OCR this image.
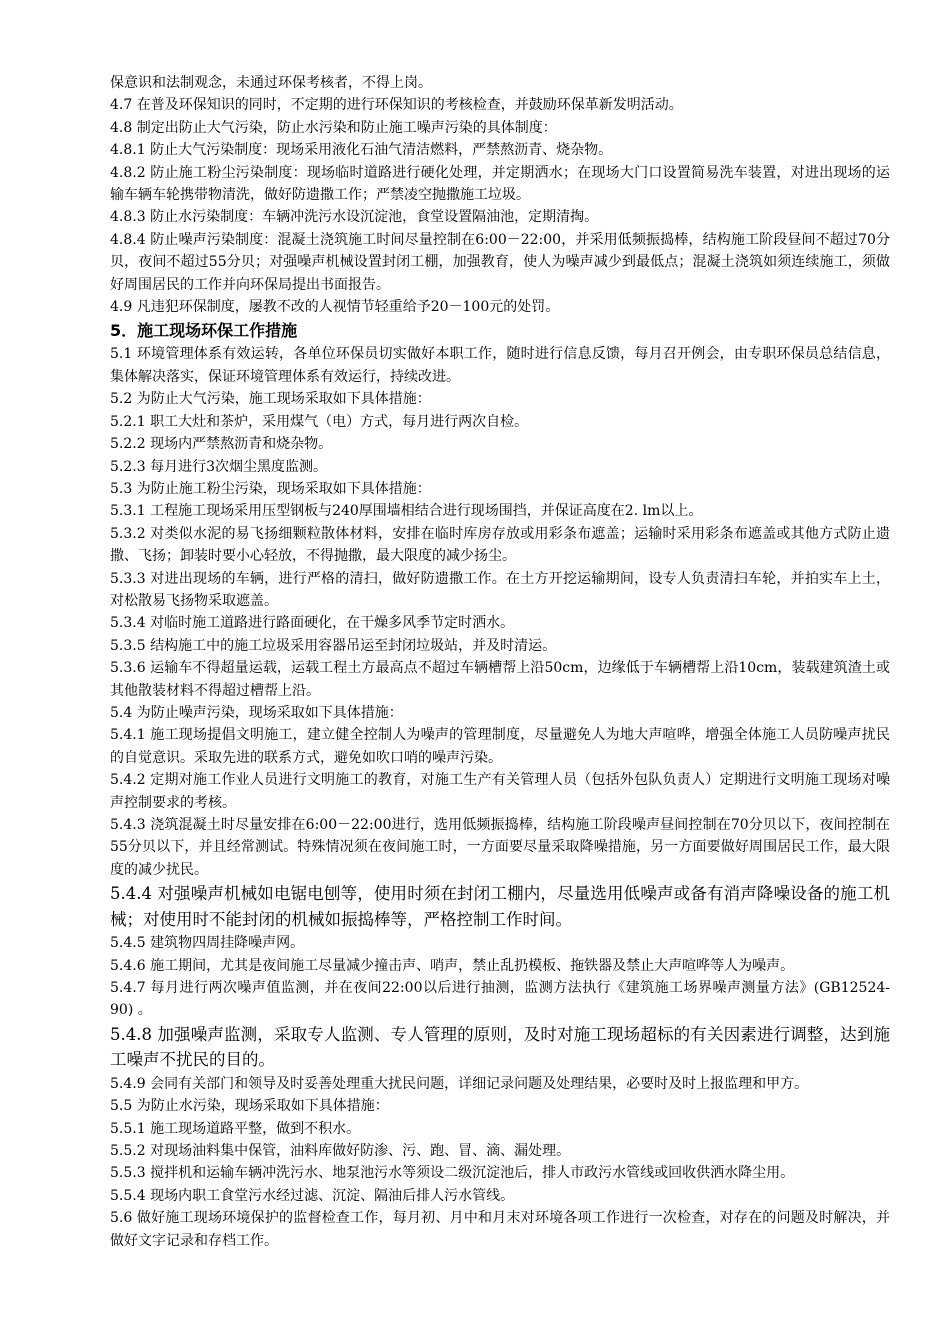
保意识和法制观念，未通过环保考核者，不得上岗。

4.7 在普及环保知识的同时，不定期的进行环保知识的考核检查，并鼓励环保革新发明活动。

4.8 制定出防止大气污染，防止水污染和防止施工噪声污染的具体制度：

4.8.1 防止大气污染制度：现场采用液化石油气清洁燃料，严禁熬沥青、烧杂物。

4.8.2 防止施工粉尘污染制度：现场临时道路进行硬化处理，并定期洒水；在现场大门口设置简易洗车装置，对进出现场的运输车辆车轮携带物清洗，做好防遗撒工作；严禁凌空抛撒施工垃圾。

4.8.3 防止水污染制度：车辆冲洗污水设沉淀池，食堂设置隔油池，定期清掏。

4.8.4 防止噪声污染制度：混凝土浇筑施工时间尽量控制在6:00－22:00，并采用低频振捣棒，结构施工阶段昼间不超过70分贝，夜间不超过55分贝；对强噪声机械设置封闭工棚，加强教育，使人为噪声减少到最低点；混凝土浇筑如须连续施工，须做好周围居民的工作并向环保局提出书面报告。

4.9 凡违犯环保制度，屡教不改的人视情节轻重给予20－100元的处罚。

5．施工现场环保工作措施

5.1 环境管理体系有效运转，各单位环保员切实做好本职工作，随时进行信息反馈，每月召开例会，由专职环保员总结信息，集体解决落实，保证环境管理体系有效运行，持续改进。

5.2 为防止大气污染，施工现场采取如下具体措施：

5.2.1 职工大灶和茶炉，采用煤气（电）方式，每月进行两次自检。

5.2.2 现场内严禁熬沥青和烧杂物。

5.2.3 每月进行3次烟尘黑度监测。

5.3 为防止施工粉尘污染，现场采取如下具体措施：

5.3.1 工程施工现场采用压型钢板与240厚围墙相结合进行现场围挡，并保证高度在2. lm以上。

5.3.2 对类似水泥的易飞扬细颗粒散体材料，安排在临时库房存放或用彩条布遮盖；运输时采用彩条布遮盖或其他方式防止遗撒、飞扬；卸装时要小心轻放，不得抛撒，最大限度的减少扬尘。

5.3.3 对进出现场的车辆，进行严格的清扫，做好防遗撒工作。在土方开挖运输期间，设专人负责清扫车轮，并拍实车上土，对松散易飞扬物采取遮盖。

5.3.4 对临时施工道路进行路面硬化，在干燥多风季节定时洒水。

5.3.5 结构施工中的施工垃圾采用容器吊运至封闭垃圾站，并及时清运。

5.3.6 运输车不得超量运载，运载工程土方最高点不超过车辆槽帮上沿50cm，边缘低于车辆槽帮上沿10cm，装载建筑渣土或其他散装材料不得超过槽帮上沿。

5.4 为防止噪声污染，现场采取如下具体措施：

5.4.1 施工现场提倡文明施工，建立健全控制人为噪声的管理制度，尽量避免人为地大声喧哗，增强全体施工人员防噪声扰民的自觉意识。采取先进的联系方式，避免如吹口哨的噪声污染。

5.4.2 定期对施工作业人员进行文明施工的教育，对施工生产有关管理人员（包括外包队负责人）定期进行文明施工现场对噪声控制要求的考核。

5.4.3 浇筑混凝土时尽量安排在6:00－22:00进行，选用低频振捣棒，结构施工阶段噪声昼间控制在70分贝以下，夜间控制在55分贝以下，并且经常测试。特殊情况须在夜间施工时，一方面要尽量采取降噪措施，另一方面要做好周围居民工作，最大限度的减少扰民。

5.4.4 对强噪声机械如电锯电刨等，使用时须在封闭工棚内，尽量选用低噪声或备有消声降噪设备的施工机械；对使用时不能封闭的机械如振捣棒等，严格控制工作时间。

5.4.5 建筑物四周挂降噪声网。

5.4.6 施工期间，尤其是夜间施工尽量减少撞击声、哨声，禁止乱扔模板、拖铁器及禁止大声喧哗等人为噪声。

5.4.7 每月进行两次噪声值监测，并在夜间22:00以后进行抽测，监测方法执行《建筑施工场界噪声测量方法》(GB12524-90) 。

5.4.8 加强噪声监测，采取专人监测、专人管理的原则，及时对施工现场超标的有关因素进行调整，达到施工噪声不扰民的目的。

5.4.9 会同有关部门和领导及时妥善处理重大扰民问题，详细记录问题及处理结果，必要时及时上报监理和甲方。

5.5 为防止水污染，现场采取如下具体措施：

5.5.1 施工现场道路平整，做到不积水。

5.5.2 对现场油料集中保管，油料库做好防渗、污、跑、冒、滴、漏处理。

5.5.3 搅拌机和运输车辆冲洗污水、地泵池污水等须设二级沉淀池后，排人市政污水管线或回收供洒水降尘用。

5.5.4 现场内职工食堂污水经过滤、沉淀、隔油后排人污水管线。

5.6 做好施工现场环境保护的监督检查工作，每月初、月中和月末对环境各项工作进行一次检查，对存在的问题及时解决，并做好文字记录和存档工作。
